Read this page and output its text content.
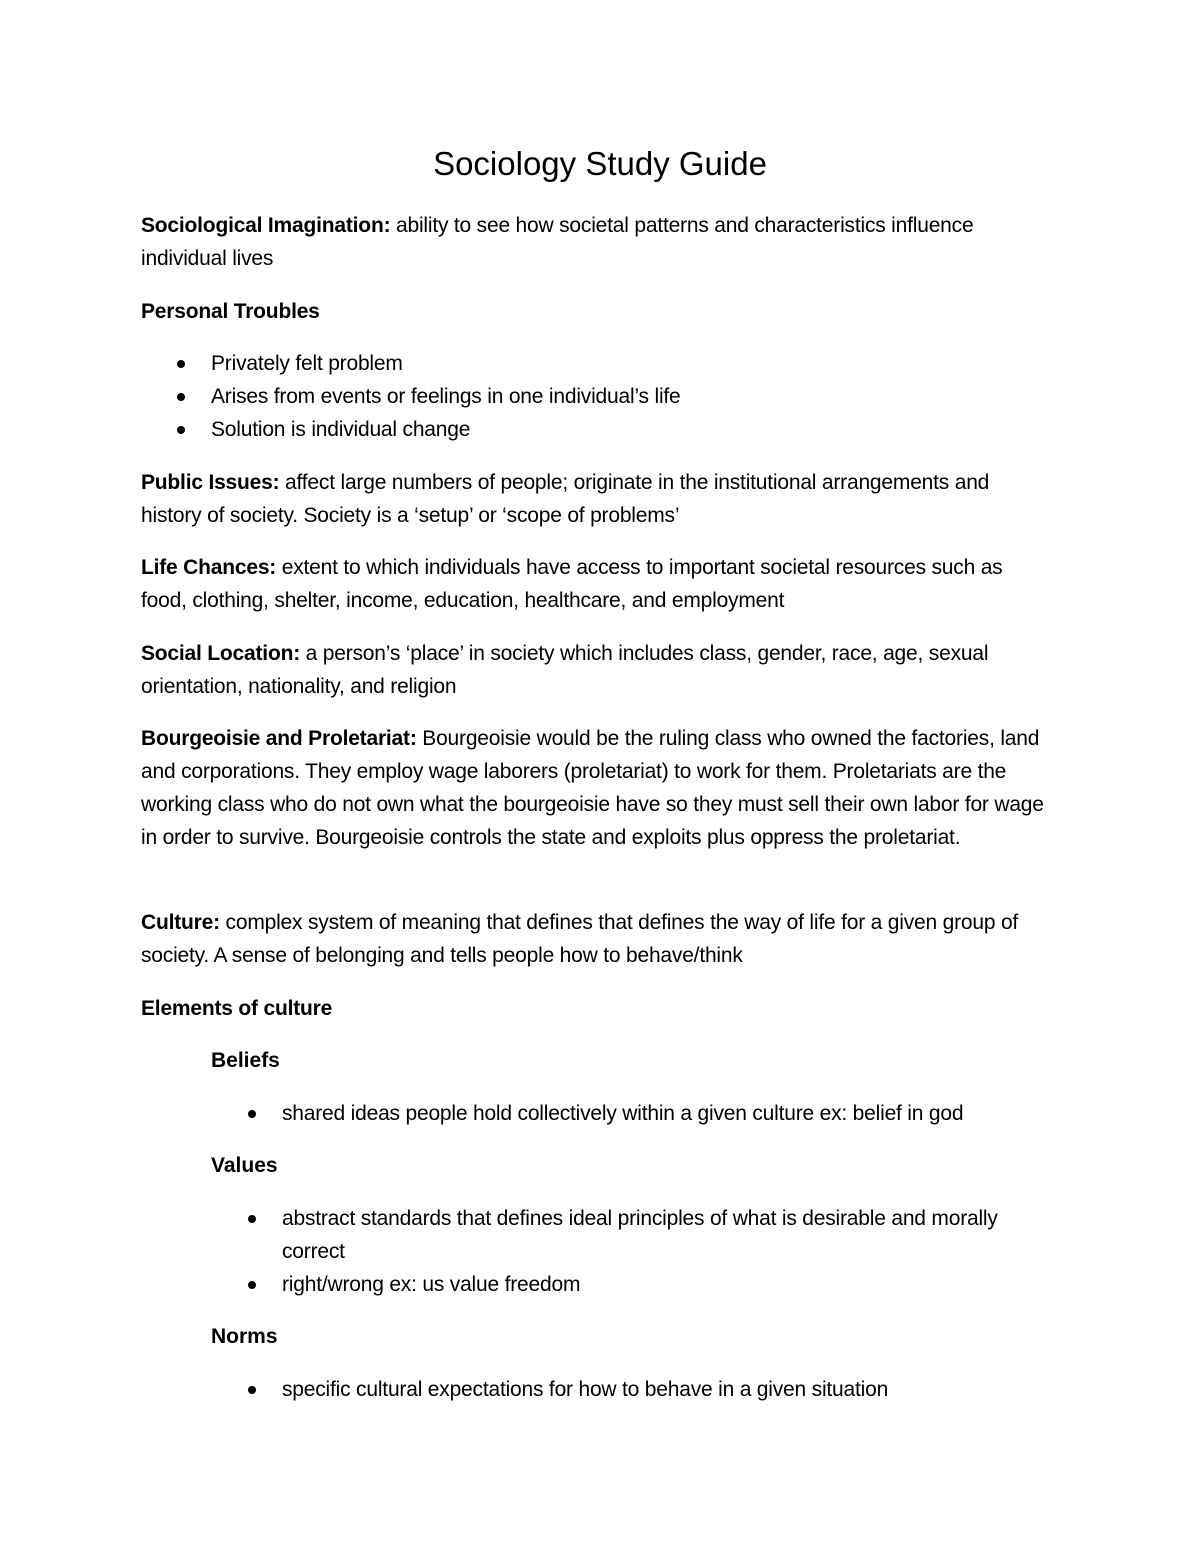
Sociology Study Guide

Sociological Imagination: ability to see how societal patterns and characteristics influence individual lives

Personal Troubles

Privately felt problem
Arises from events or feelings in one individual’s life
Solution is individual change

Public Issues: affect large numbers of people; originate in the institutional arrangements and history of society. Society is a ‘setup’ or ‘scope of problems’

Life Chances: extent to which individuals have access to important societal resources such as food, clothing, shelter, income, education, healthcare, and employment

Social Location: a person’s ‘place’ in society which includes class, gender, race, age, sexual orientation, nationality, and religion

Bourgeoisie and Proletariat: Bourgeoisie would be the ruling class who owned the factories, land and corporations. They employ wage laborers (proletariat) to work for them. Proletariats are the working class who do not own what the bourgeoisie have so they must sell their own labor for wage in order to survive. Bourgeoisie controls the state and exploits plus oppress the proletariat.

Culture: complex system of meaning that defines that defines the way of life for a given group of society. A sense of belonging and tells people how to behave/think

Elements of culture

Beliefs

shared ideas people hold collectively within a given culture ex: belief in god

Values

abstract standards that defines ideal principles of what is desirable and morally correct
right/wrong ex: us value freedom

Norms

specific cultural expectations for how to behave in a given situation
